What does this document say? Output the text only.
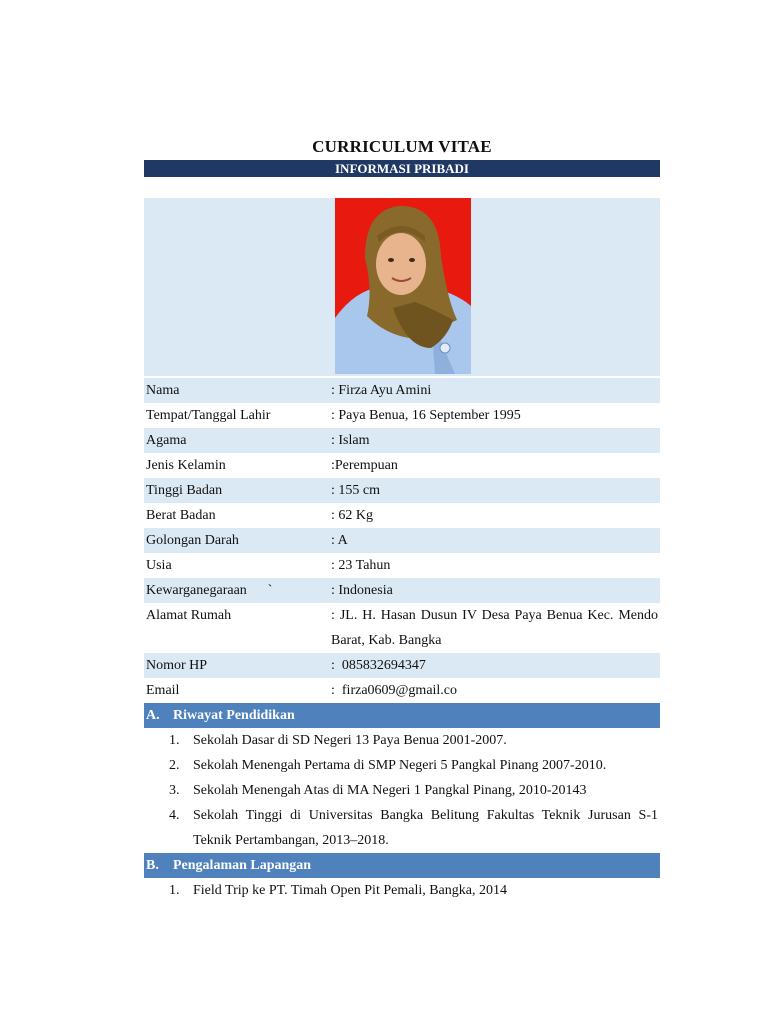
CURRICULUM VITAE
INFORMASI PRIBADI
Nama	: Firza Ayu Amini
Tempat/Tanggal Lahir	: Paya Benua, 16 September 1995
Agama	: Islam
Jenis Kelamin	:Perempuan
Tinggi Badan	: 155 cm
Berat Badan	: 62 Kg
Golongan Darah	: A
Usia	: 23 Tahun
Kewarganegaraan      `	: Indonesia
Alamat Rumah	: JL. H. Hasan Dusun IV Desa Paya Benua Kec. Mendo Barat, Kab. Bangka
Nomor HP	:  085832694347
Email	:  firza0609@gmail.co
A. Riwayat Pendidikan
1. Sekolah Dasar di SD Negeri 13 Paya Benua 2001-2007.
2. Sekolah Menengah Pertama di SMP Negeri 5 Pangkal Pinang 2007-2010.
3. Sekolah Menengah Atas di MA Negeri 1 Pangkal Pinang, 2010-20143
4. Sekolah Tinggi di Universitas Bangka Belitung Fakultas Teknik Jurusan S-1 Teknik Pertambangan, 2013–2018.
B. Pengalaman Lapangan
1. Field Trip ke PT. Timah Open Pit Pemali, Bangka, 2014
